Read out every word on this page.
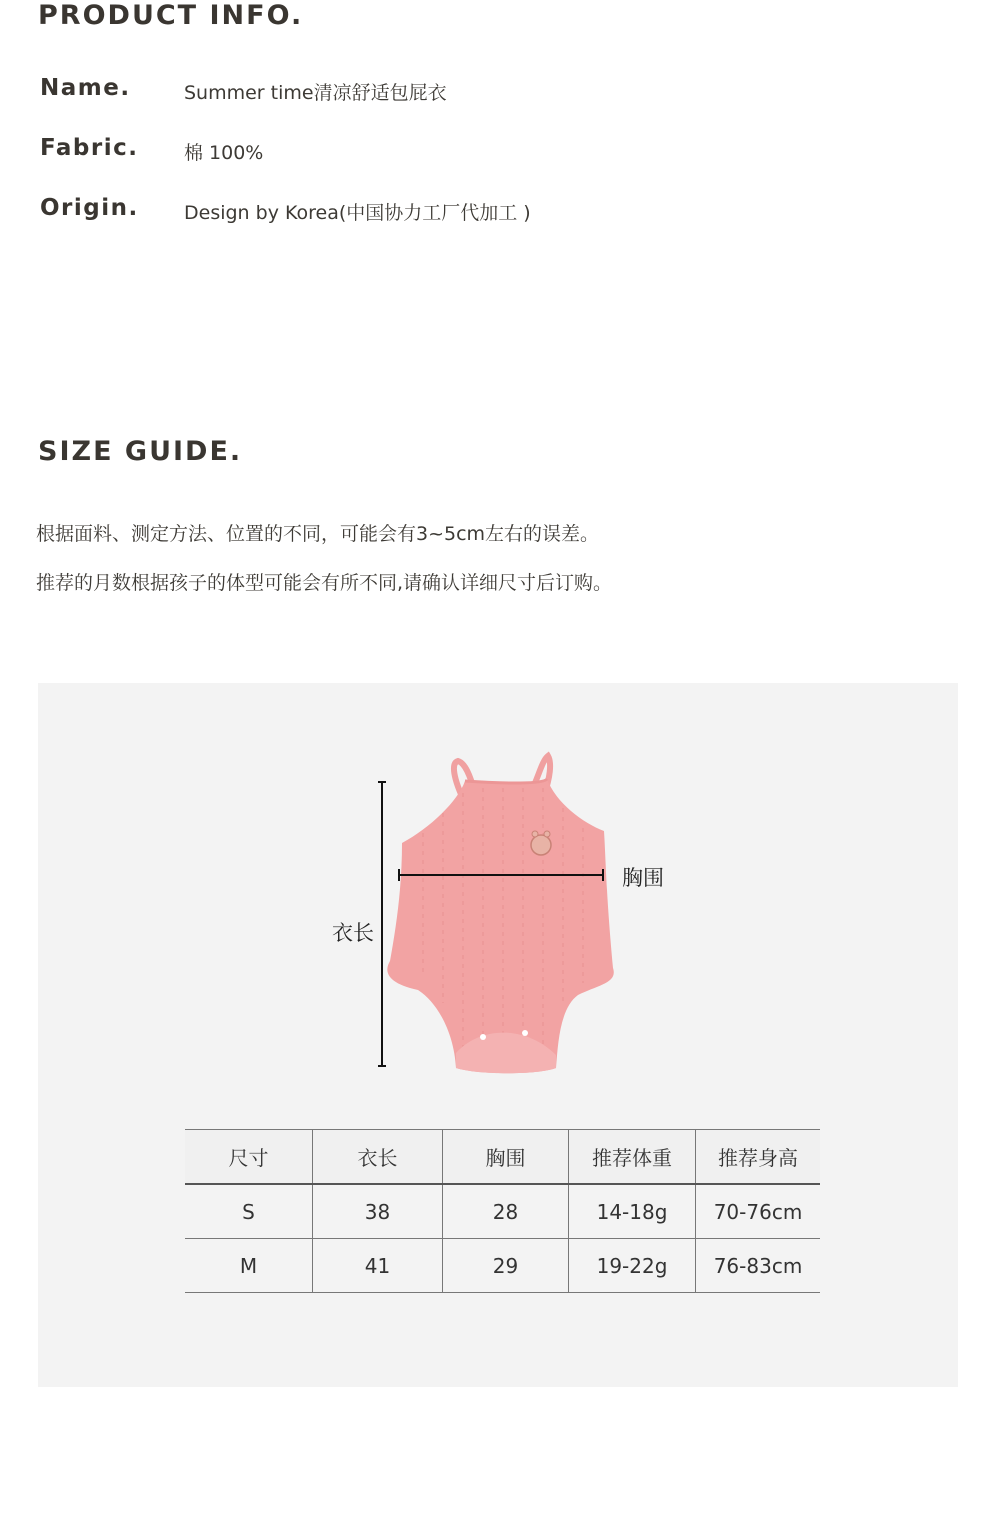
PRODUCT INFO.
Name.	Summer time清凉舒适包屁衣
Fabric. 棉 100%
Origin. Design by Korea(中国协力工厂代加工 )
SIZE GUIDE.
根据面料、测定方法、位置的不同，可能会有3~5cm左右的误差。
推荐的月数根据孩子的体型可能会有所不同,请确认详细尺寸后订购。
衣长
胸围
尺寸	衣长	胸围	推荐体重	推荐身高
S	38	28	14-18g	70-76cm
M	41	29	19-22g	76-83cm
